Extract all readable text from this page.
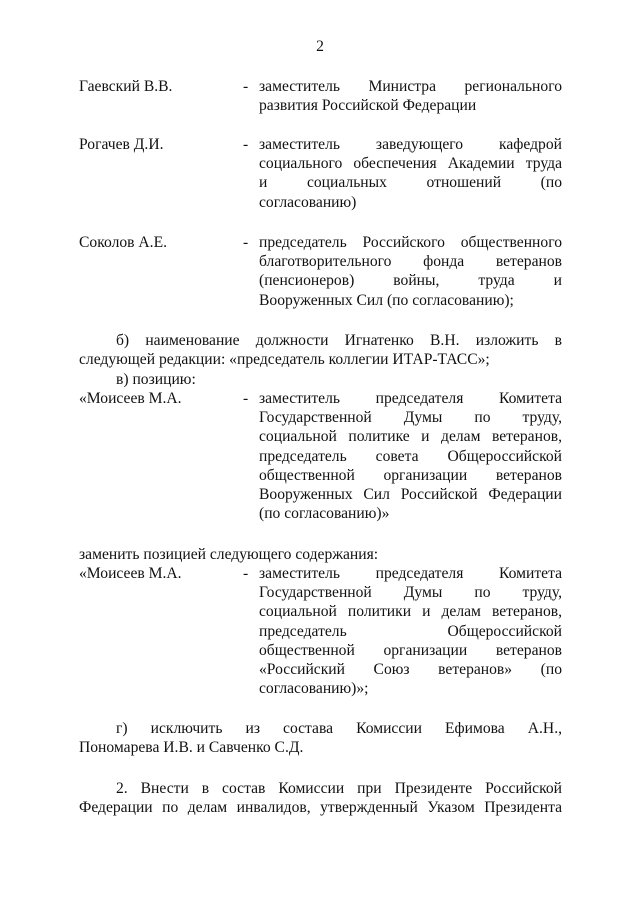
2
Гаевский В.В.	- заместитель Министра регионального
развития Российской Федерации
Рогачев Д.И.	- заместитель заведующего кафедрой
социального обеспечения Академии труда
и социальных отношений (по
согласованию)
Соколов А.Е.	- председатель Российского общественного
благотворительного фонда ветеранов
(пенсионеров) войны, труда и
Вооруженных Сил (по согласованию);
б) наименование должности Игнатенко В.Н. изложить в
следующей редакции: «председатель коллегии ИТАР-ТАСС»;
в) позицию:
«Моисеев М.А.	- заместитель председателя Комитета
Государственной Думы по труду,
социальной политике и делам ветеранов,
председатель совета Общероссийской
общественной организации ветеранов
Вооруженных Сил Российской Федерации
(по согласованию)»
заменить позицией следующего содержания:
«Моисеев М.А.	- заместитель председателя Комитета
Государственной Думы по труду,
социальной политики и делам ветеранов,
председатель Общероссийской
общественной организации ветеранов
«Российский Союз ветеранов» (по
согласованию)»;
г) исключить из состава Комиссии Ефимова А.Н.,
Пономарева И.В. и Савченко С.Д.
2. Внести в состав Комиссии при Президенте Российской
Федерации по делам инвалидов, утвержденный Указом Президента
